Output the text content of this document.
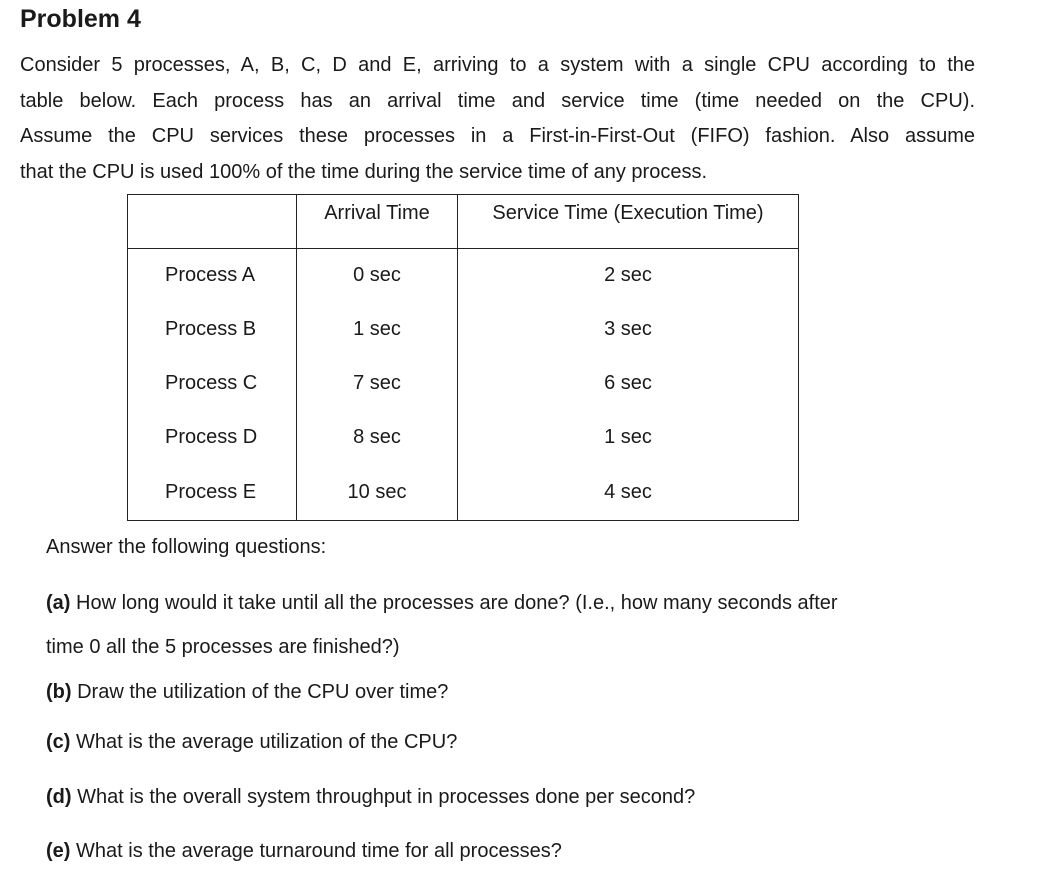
Problem 4

Consider 5 processes, A, B, C, D and E, arriving to a system with a single CPU according to the
table below. Each process has an arrival time and service time (time needed on the CPU).
Assume the CPU services these processes in a First-in-First-Out (FIFO) fashion. Also assume
that the CPU is used 100% of the time during the service time of any process.

	Arrival Time	Service Time (Execution Time)
Process A	0 sec	2 sec
Process B	1 sec	3 sec
Process C	7 sec	6 sec
Process D	8 sec	1 sec
Process E	10 sec	4 sec

Answer the following questions:

(a) How long would it take until all the processes are done? (I.e., how many seconds after

time 0 all the 5 processes are finished?)

(b) Draw the utilization of the CPU over time?

(c) What is the average utilization of the CPU?

(d) What is the overall system throughput in processes done per second?

(e) What is the average turnaround time for all processes?
